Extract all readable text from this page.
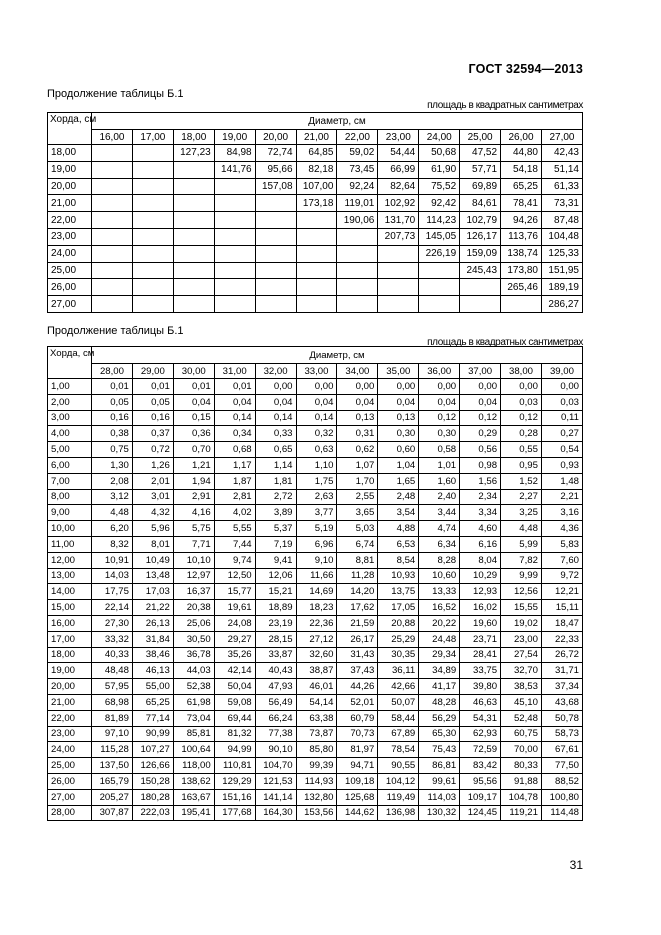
ГОСТ 32594—2013
Продолжение таблицы Б.1
площадь в квадратных сантиметрах
Хорда, см	Диаметр, см											
	16,00	17,00	18,00	19,00	20,00	21,00	22,00	23,00	24,00	25,00	26,00	27,00
18,00			127,23	84,98	72,74	64,85	59,02	54,44	50,68	47,52	44,80	42,43
19,00				141,76	95,66	82,18	73,45	66,99	61,90	57,71	54,18	51,14
20,00					157,08	107,00	92,24	82,64	75,52	69,89	65,25	61,33
21,00						173,18	119,01	102,92	92,42	84,61	78,41	73,31
22,00							190,06	131,70	114,23	102,79	94,26	87,48
23,00								207,73	145,05	126,17	113,76	104,48
24,00									226,19	159,09	138,74	125,33
25,00										245,43	173,80	151,95
26,00											265,46	189,19
27,00												286,27
Продолжение таблицы Б.1
площадь в квадратных сантиметрах
Хорда, см	Диаметр, см											
	28,00	29,00	30,00	31,00	32,00	33,00	34,00	35,00	36,00	37,00	38,00	39,00
1,00	0,01	0,01	0,01	0,01	0,00	0,00	0,00	0,00	0,00	0,00	0,00	0,00
2,00	0,05	0,05	0,04	0,04	0,04	0,04	0,04	0,04	0,04	0,04	0,03	0,03
3,00	0,16	0,16	0,15	0,14	0,14	0,14	0,13	0,13	0,12	0,12	0,12	0,11
4,00	0,38	0,37	0,36	0,34	0,33	0,32	0,31	0,30	0,30	0,29	0,28	0,27
5,00	0,75	0,72	0,70	0,68	0,65	0,63	0,62	0,60	0,58	0,56	0,55	0,54
6,00	1,30	1,26	1,21	1,17	1,14	1,10	1,07	1,04	1,01	0,98	0,95	0,93
7,00	2,08	2,01	1,94	1,87	1,81	1,75	1,70	1,65	1,60	1,56	1,52	1,48
8,00	3,12	3,01	2,91	2,81	2,72	2,63	2,55	2,48	2,40	2,34	2,27	2,21
9,00	4,48	4,32	4,16	4,02	3,89	3,77	3,65	3,54	3,44	3,34	3,25	3,16
10,00	6,20	5,96	5,75	5,55	5,37	5,19	5,03	4,88	4,74	4,60	4,48	4,36
11,00	8,32	8,01	7,71	7,44	7,19	6,96	6,74	6,53	6,34	6,16	5,99	5,83
12,00	10,91	10,49	10,10	9,74	9,41	9,10	8,81	8,54	8,28	8,04	7,82	7,60
13,00	14,03	13,48	12,97	12,50	12,06	11,66	11,28	10,93	10,60	10,29	9,99	9,72
14,00	17,75	17,03	16,37	15,77	15,21	14,69	14,20	13,75	13,33	12,93	12,56	12,21
15,00	22,14	21,22	20,38	19,61	18,89	18,23	17,62	17,05	16,52	16,02	15,55	15,11
16,00	27,30	26,13	25,06	24,08	23,19	22,36	21,59	20,88	20,22	19,60	19,02	18,47
17,00	33,32	31,84	30,50	29,27	28,15	27,12	26,17	25,29	24,48	23,71	23,00	22,33
18,00	40,33	38,46	36,78	35,26	33,87	32,60	31,43	30,35	29,34	28,41	27,54	26,72
19,00	48,48	46,13	44,03	42,14	40,43	38,87	37,43	36,11	34,89	33,75	32,70	31,71
20,00	57,95	55,00	52,38	50,04	47,93	46,01	44,26	42,66	41,17	39,80	38,53	37,34
21,00	68,98	65,25	61,98	59,08	56,49	54,14	52,01	50,07	48,28	46,63	45,10	43,68
22,00	81,89	77,14	73,04	69,44	66,24	63,38	60,79	58,44	56,29	54,31	52,48	50,78
23,00	97,10	90,99	85,81	81,32	77,38	73,87	70,73	67,89	65,30	62,93	60,75	58,73
24,00	115,28	107,27	100,64	94,99	90,10	85,80	81,97	78,54	75,43	72,59	70,00	67,61
25,00	137,50	126,66	118,00	110,81	104,70	99,39	94,71	90,55	86,81	83,42	80,33	77,50
26,00	165,79	150,28	138,62	129,29	121,53	114,93	109,18	104,12	99,61	95,56	91,88	88,52
27,00	205,27	180,28	163,67	151,16	141,14	132,80	125,68	119,49	114,03	109,17	104,78	100,80
28,00	307,87	222,03	195,41	177,68	164,30	153,56	144,62	136,98	130,32	124,45	119,21	114,48
31
